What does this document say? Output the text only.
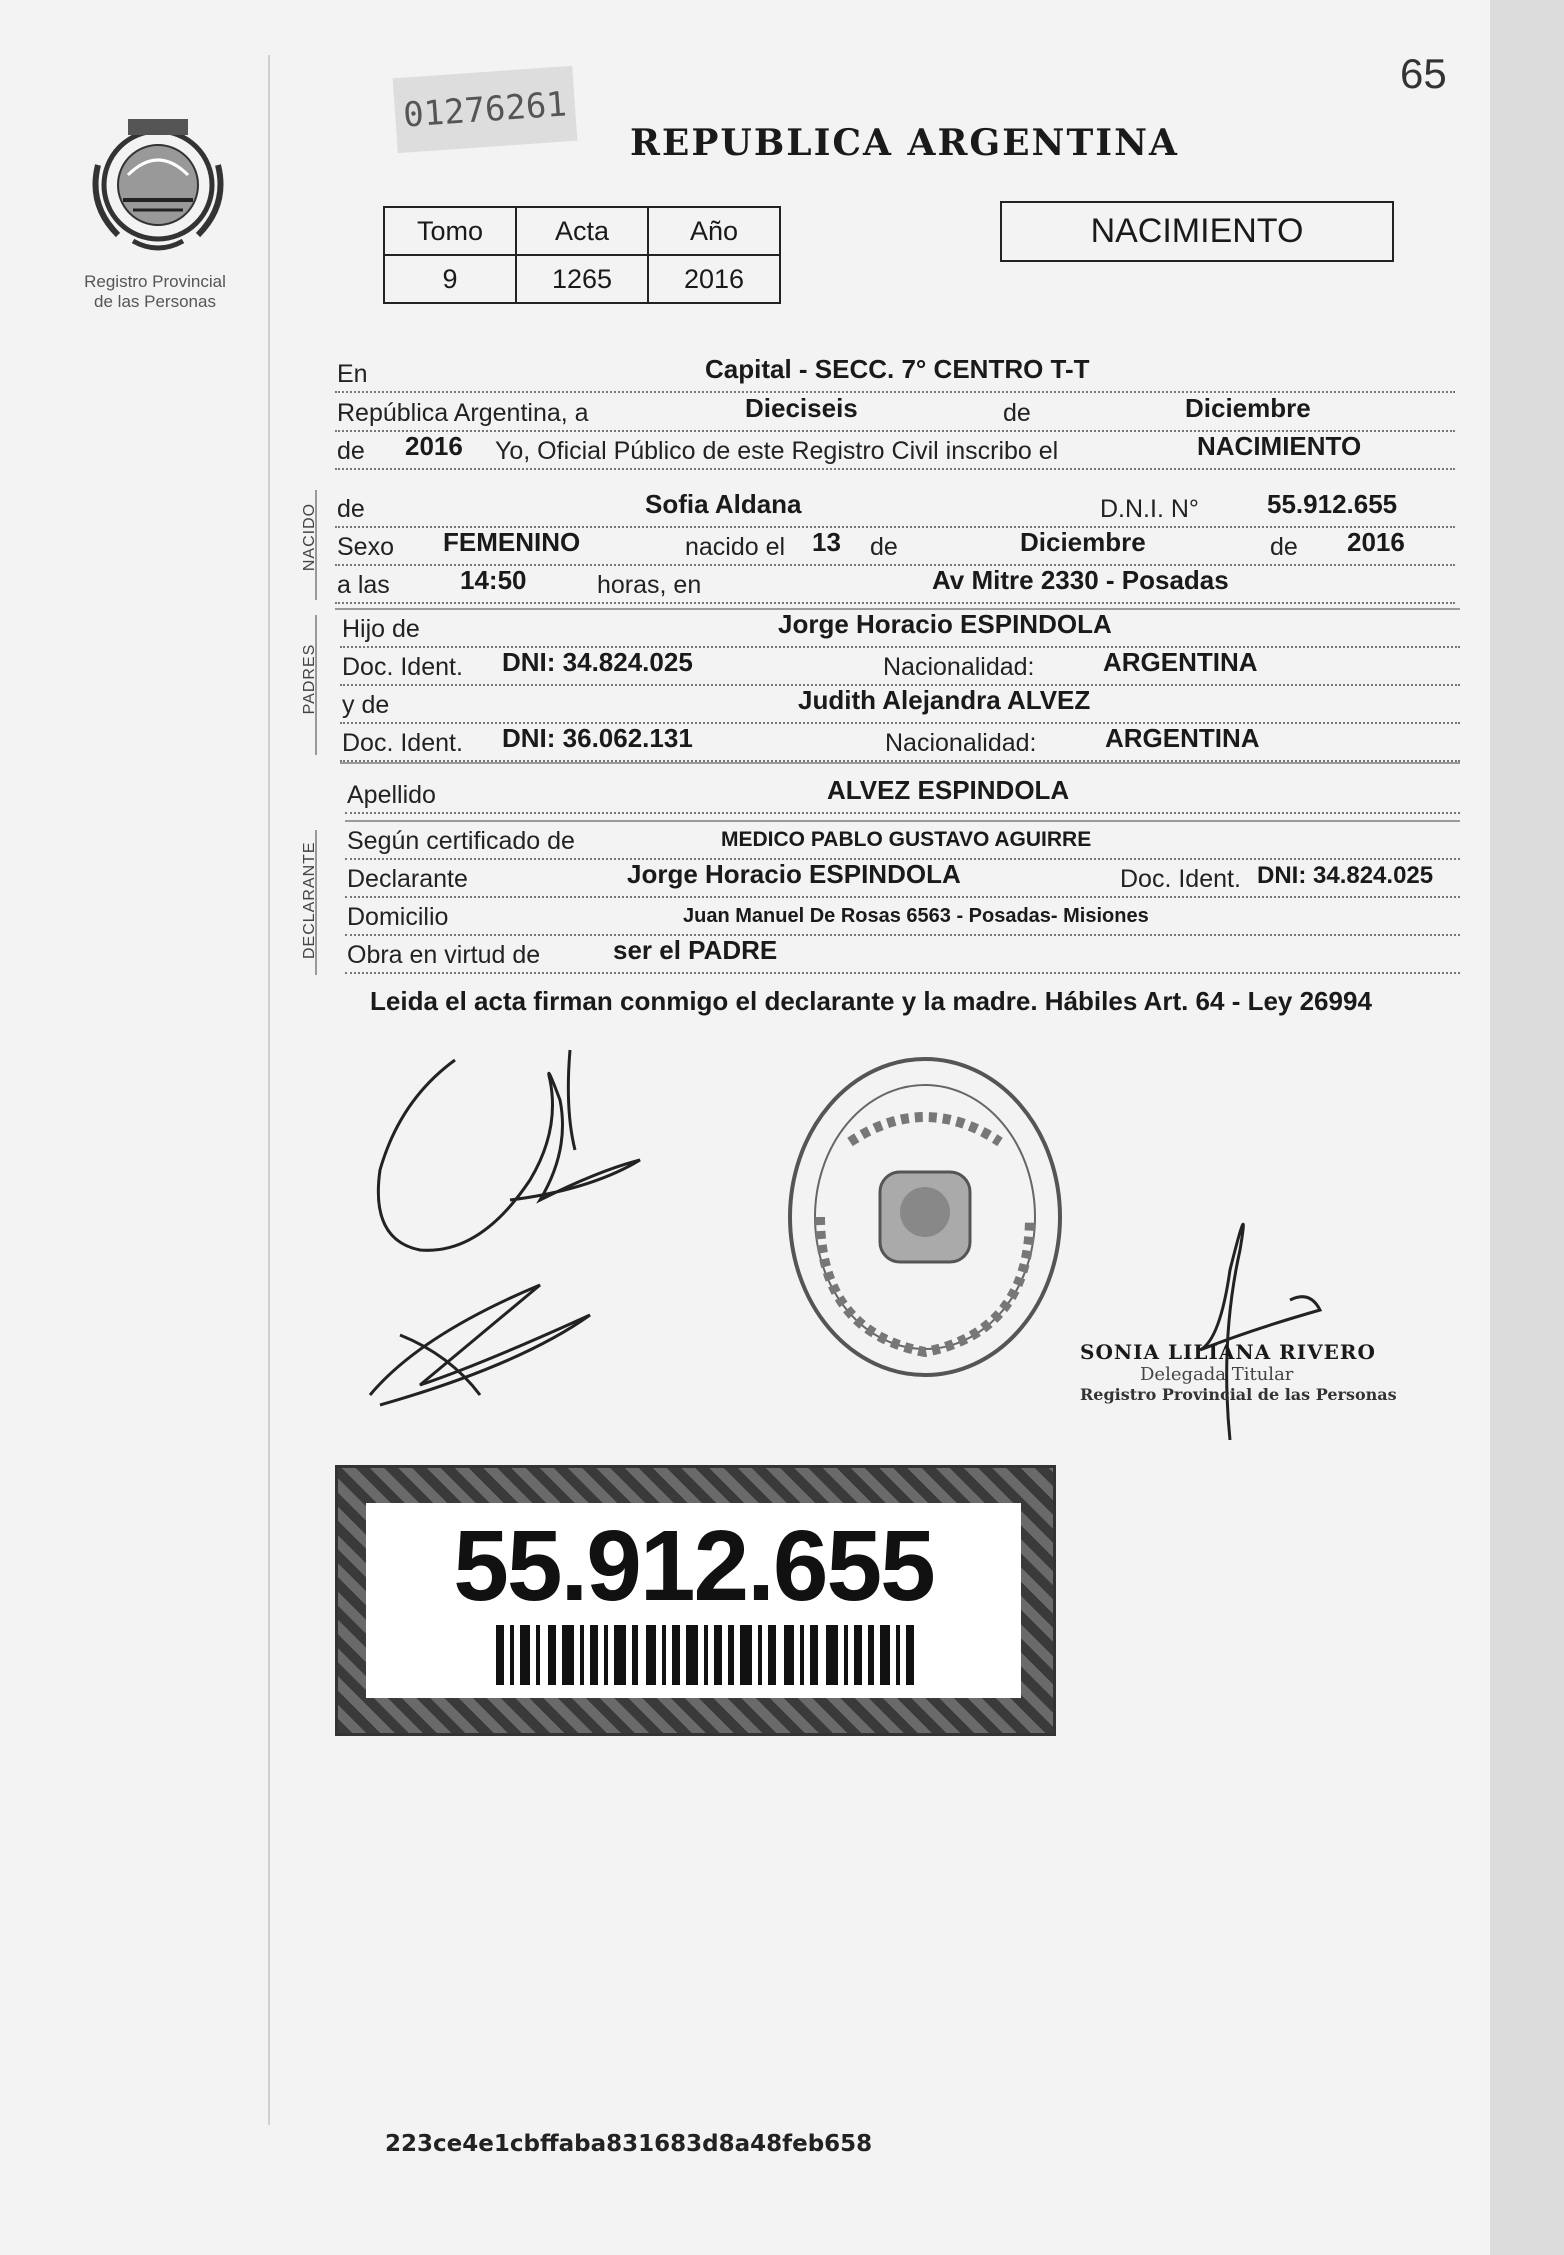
Registro Provincial
de las Personas
65
01276261
REPUBLICA ARGENTINA
Tomo	Acta	Año
9	1265	2016
NACIMIENTO
En	Capital - SECC. 7° CENTRO T-T
República Argentina, a	Dieciseis	de	Diciembre
de 2016 Yo, Oficial Público de este Registro Civil inscribo el	NACIMIENTO
NACIDO de	Sofia Aldana	D.N.I. N°	55.912.655
Sexo FEMENINO	nacido el 13 de	Diciembre	de 2016
a las	14:50	horas, en	Av Mitre 2330 - Posadas
PADRES
Hijo de	Jorge Horacio ESPINDOLA
Doc. Ident. DNI: 34.824.025	Nacionalidad:	ARGENTINA
y de	Judith Alejandra ALVEZ
Doc. Ident. DNI: 36.062.131	Nacionalidad:	ARGENTINA
Apellido	ALVEZ ESPINDOLA
DECLARANTE
Según certificado de	MEDICO PABLO GUSTAVO AGUIRRE
Declarante	Jorge Horacio ESPINDOLA	Doc. Ident. DNI: 34.824.025
Domicilio	Juan Manuel De Rosas 6563 - Posadas- Misiones
Obra en virtud de	ser el PADRE
Leida el acta firman conmigo el declarante y la madre. Hábiles Art. 64 - Ley 26994
SONIA LILIANA RIVERO
Delegada Titular
Registro Provincial de las Personas
55.912.655
223ce4e1cbffaba831683d8a48feb658
